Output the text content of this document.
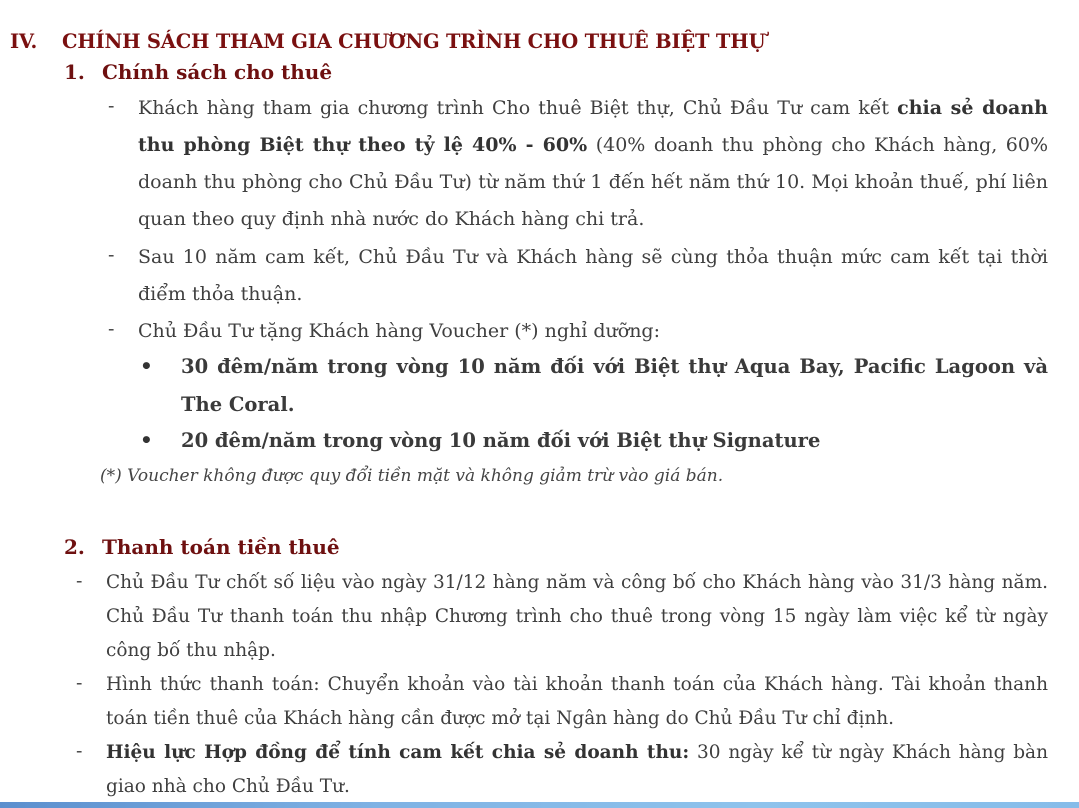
IV. CHÍNH SÁCH THAM GIA CHƯƠNG TRÌNH CHO THUÊ BIỆT THỰ
1. Chính sách cho thuê
- Khách hàng tham gia chương trình Cho thuê Biệt thự, Chủ Đầu Tư cam kết chia sẻ doanh thu phòng Biệt thự theo tỷ lệ 40% - 60% (40% doanh thu phòng cho Khách hàng, 60% doanh thu phòng cho Chủ Đầu Tư) từ năm thứ 1 đến hết năm thứ 10. Mọi khoản thuế, phí liên quan theo quy định nhà nước do Khách hàng chi trả.
- Sau 10 năm cam kết, Chủ Đầu Tư và Khách hàng sẽ cùng thỏa thuận mức cam kết tại thời điểm thỏa thuận.
- Chủ Đầu Tư tặng Khách hàng Voucher (*) nghỉ dưỡng:
• 30 đêm/năm trong vòng 10 năm đối với Biệt thự Aqua Bay, Pacific Lagoon và The Coral.
• 20 đêm/năm trong vòng 10 năm đối với Biệt thự Signature
(*) Voucher không được quy đổi tiền mặt và không giảm trừ vào giá bán.
2. Thanh toán tiền thuê
- Chủ Đầu Tư chốt số liệu vào ngày 31/12 hàng năm và công bố cho Khách hàng vào 31/3 hàng năm. Chủ Đầu Tư thanh toán thu nhập Chương trình cho thuê trong vòng 15 ngày làm việc kể từ ngày công bố thu nhập.
- Hình thức thanh toán: Chuyển khoản vào tài khoản thanh toán của Khách hàng. Tài khoản thanh toán tiền thuê của Khách hàng cần được mở tại Ngân hàng do Chủ Đầu Tư chỉ định.
- Hiệu lực Hợp đồng để tính cam kết chia sẻ doanh thu: 30 ngày kể từ ngày Khách hàng bàn giao nhà cho Chủ Đầu Tư.
